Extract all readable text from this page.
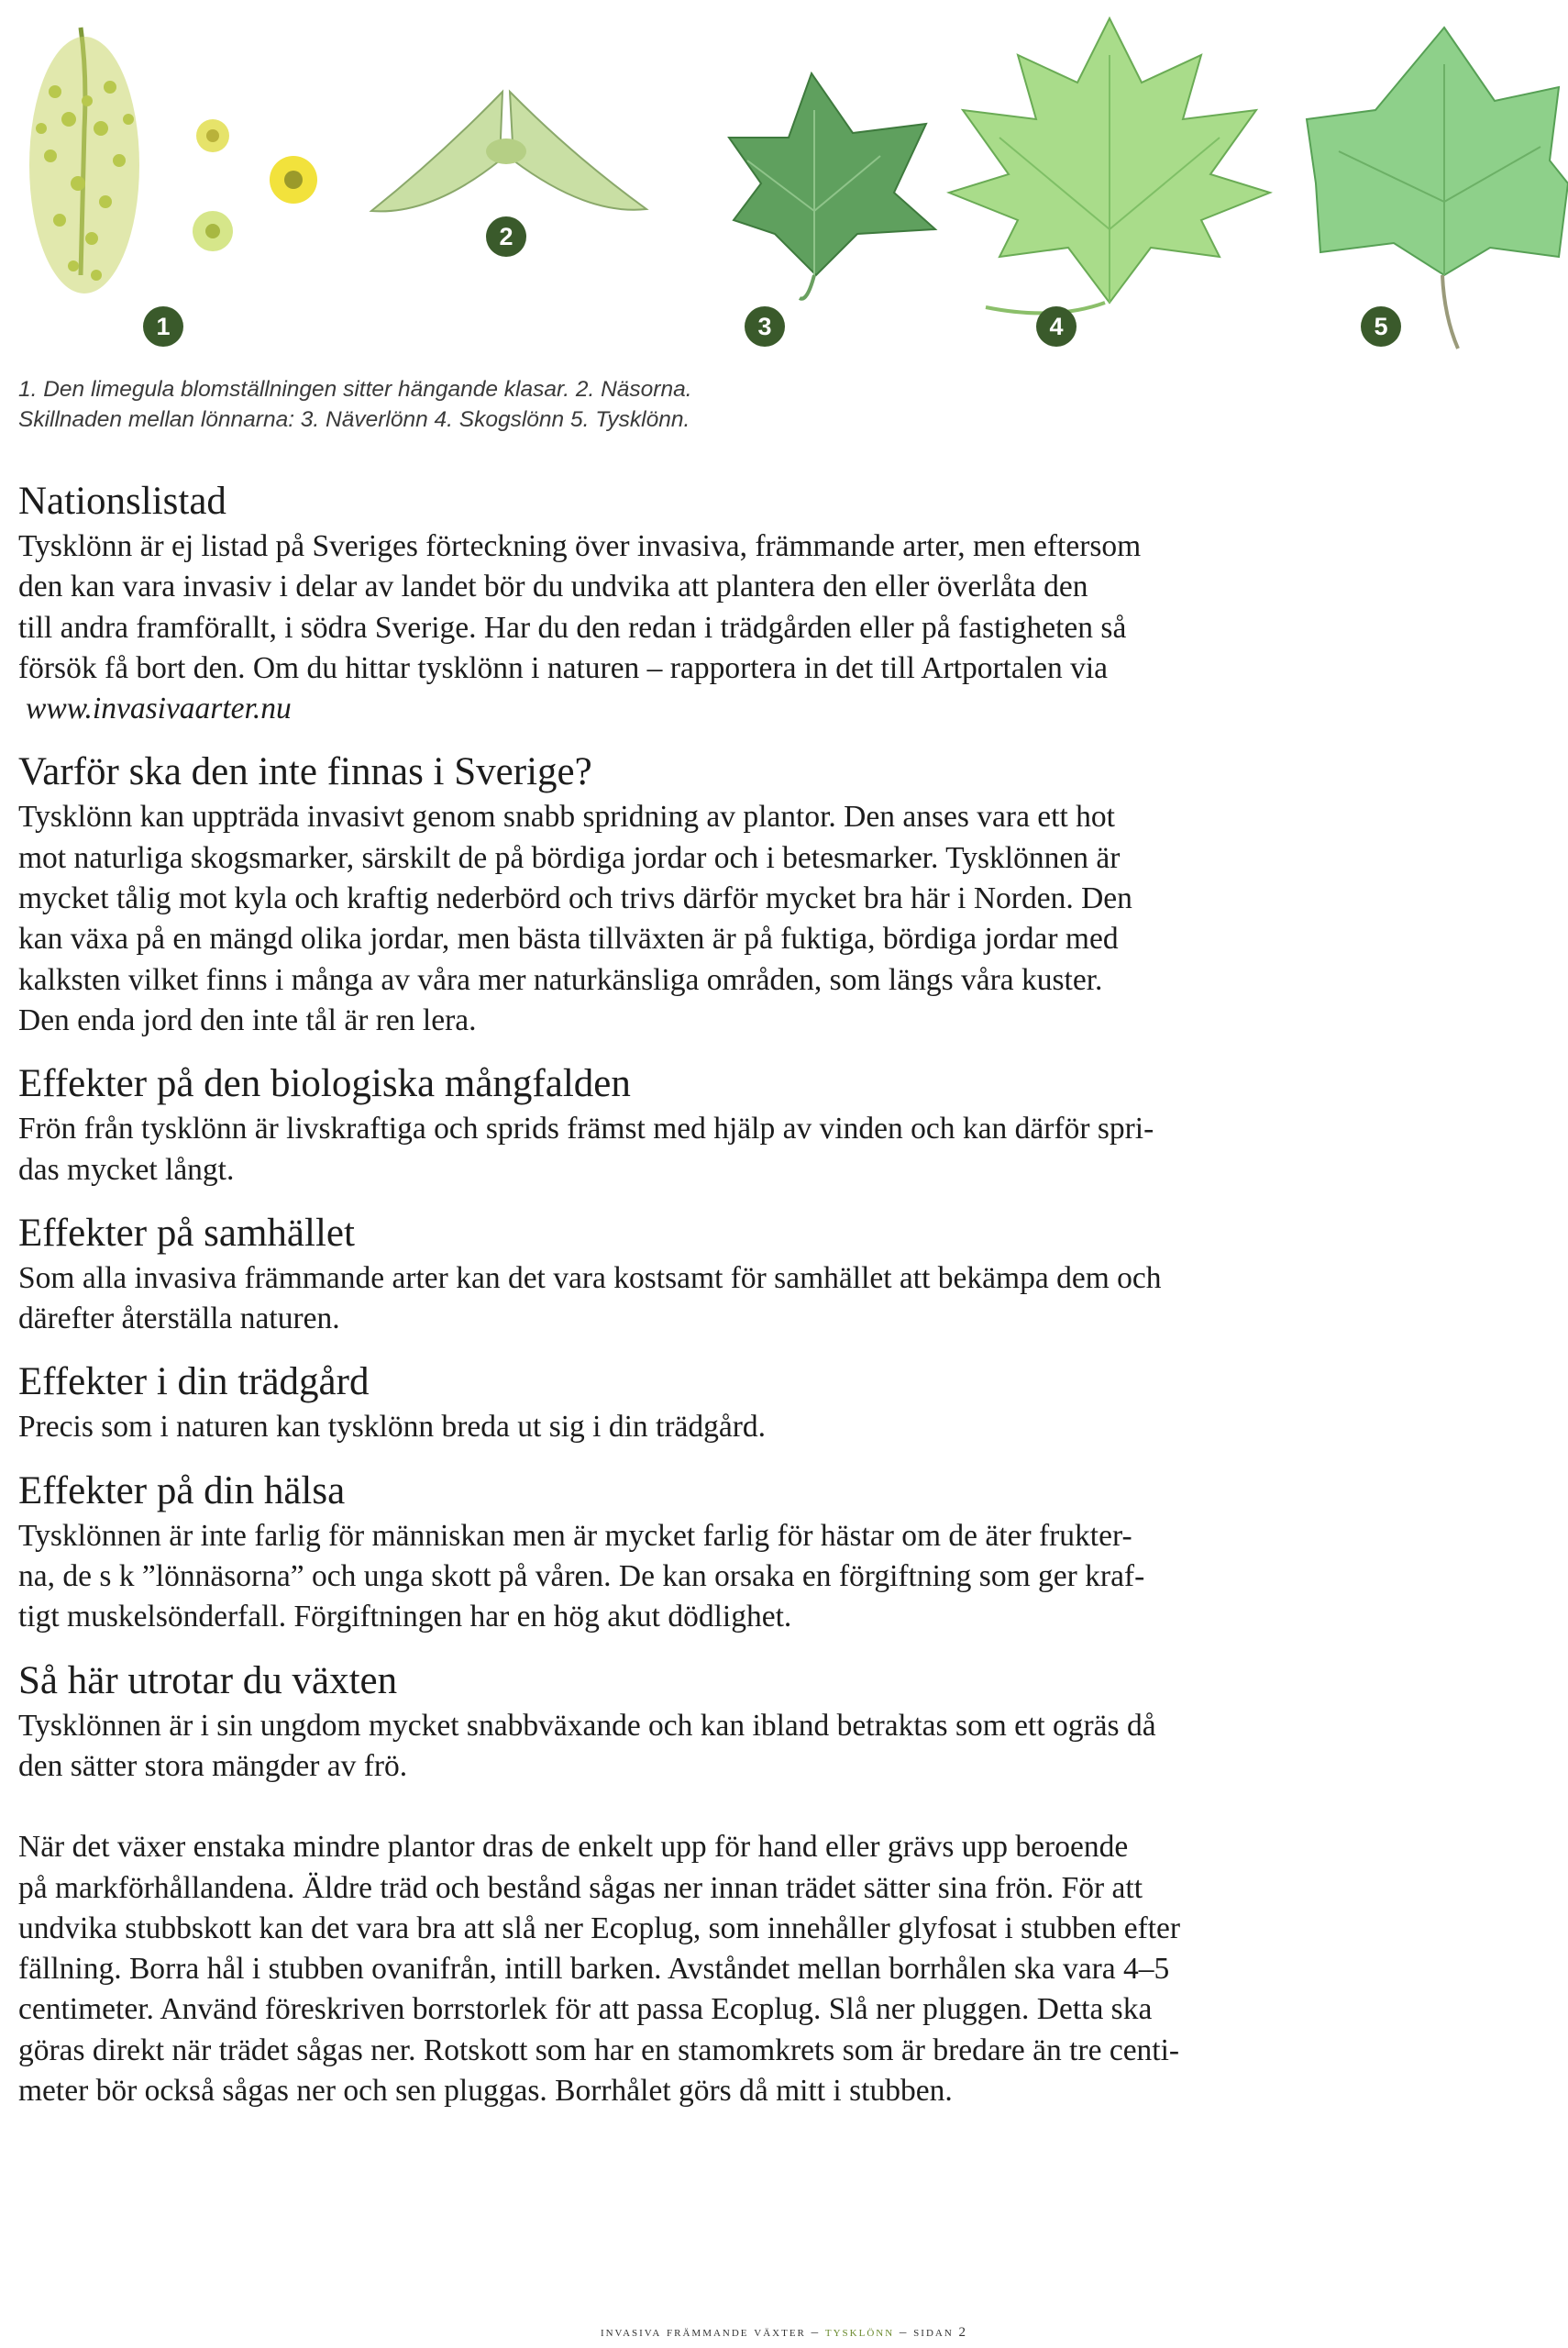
1
2
3	4	5
1. Den limegula blomställningen sitter hängande klasar. 2. Näsorna.
Skillnaden mellan lönnarna: 3. Näverlönn 4. Skogslönn 5. Tysklönn.
Nationslistad

Tysklönn är ej listad på Sveriges förteckning över invasiva, främmande arter, men eftersom
den kan vara invasiv i delar av landet bör du undvika att plantera den eller överlåta den
till andra framförallt, i södra Sverige. Har du den redan i trädgården eller på fastigheten så
försök få bort den. Om du hittar tysklönn i naturen – rapportera in det till Artportalen via
www.invasivaarter.nu

Varför ska den inte finnas i Sverige?

Tysklönn kan uppträda invasivt genom snabb spridning av plantor. Den anses vara ett hot
mot naturliga skogsmarker, särskilt de på bördiga jordar och i betesmarker. Tysklönnen är
mycket tålig mot kyla och kraftig nederbörd och trivs därför mycket bra här i Norden. Den
kan växa på en mängd olika jordar, men bästa tillväxten är på fuktiga, bördiga jordar med
kalksten vilket finns i många av våra mer naturkänsliga områden, som längs våra kuster.
Den enda jord den inte tål är ren lera.

Effekter på den biologiska mångfalden

Frön från tysklönn är livskraftiga och sprids främst med hjälp av vinden och kan därför spri-
das mycket långt.

Effekter på samhället

Som alla invasiva främmande arter kan det vara kostsamt för samhället att bekämpa dem och
därefter återställa naturen.

Effekter i din trädgård

Precis som i naturen kan tysklönn breda ut sig i din trädgård.

Effekter på din hälsa

Tysklönnen är inte farlig för människan men är mycket farlig för hästar om de äter frukter-
na, de s k ”lönnäsorna” och unga skott på våren. De kan orsaka en förgiftning som ger kraf-
tigt muskelsönderfall. Förgiftningen har en hög akut dödlighet.

Så här utrotar du växten

Tysklönnen är i sin ungdom mycket snabbväxande och kan ibland betraktas som ett ogräs då
den sätter stora mängder av frö.

När det växer enstaka mindre plantor dras de enkelt upp för hand eller grävs upp beroende
på markförhållandena. Äldre träd och bestånd sågas ner innan trädet sätter sina frön. För att
undvika stubbskott kan det vara bra att slå ner Ecoplug, som innehåller glyfosat i stubben efter
fällning. Borra hål i stubben ovanifrån, intill barken. Avståndet mellan borrhålen ska vara 4–5
centimeter. Använd föreskriven borrstorlek för att passa Ecoplug. Slå ner pluggen. Detta ska
göras direkt när trädet sågas ner. Rotskott som har en stamomkrets som är bredare än tre centi-
meter bör också sågas ner och sen pluggas. Borrhålet görs då mitt i stubben.

invasiva främmande växter – tysklönn – sidan 2
